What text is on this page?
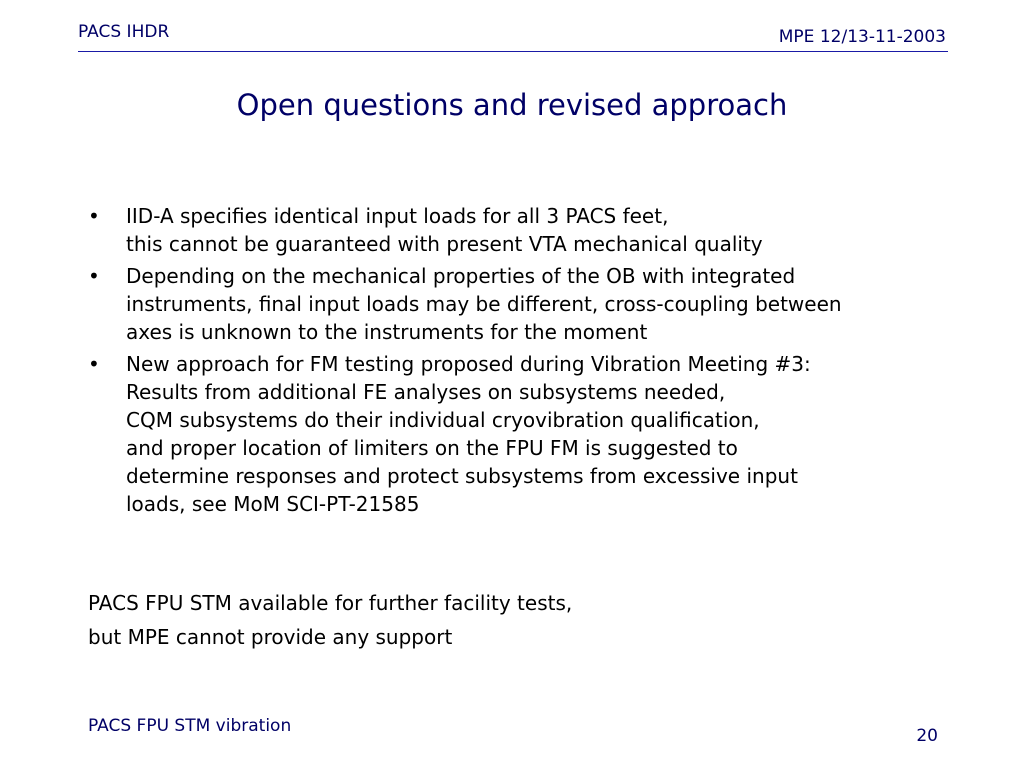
PACS IHDR	MPE 12/13-11-2003
Open questions and revised approach
• IID-A specifies identical input loads for all 3 PACS feet,
this cannot be guaranteed with present VTA mechanical quality
• Depending on the mechanical properties of the OB with integrated
instruments, final input loads may be different, cross-coupling between
axes is unknown to the instruments for the moment
• New approach for FM testing proposed during Vibration Meeting #3:
Results from additional FE analyses on subsystems needed,
CQM subsystems do their individual cryovibration qualification,
and proper location of limiters on the FPU FM is suggested to
determine responses and protect subsystems from excessive input
loads, see MoM SCI-PT-21585
PACS FPU STM available for further facility tests,
but MPE cannot provide any support
PACS FPU STM vibration	20
